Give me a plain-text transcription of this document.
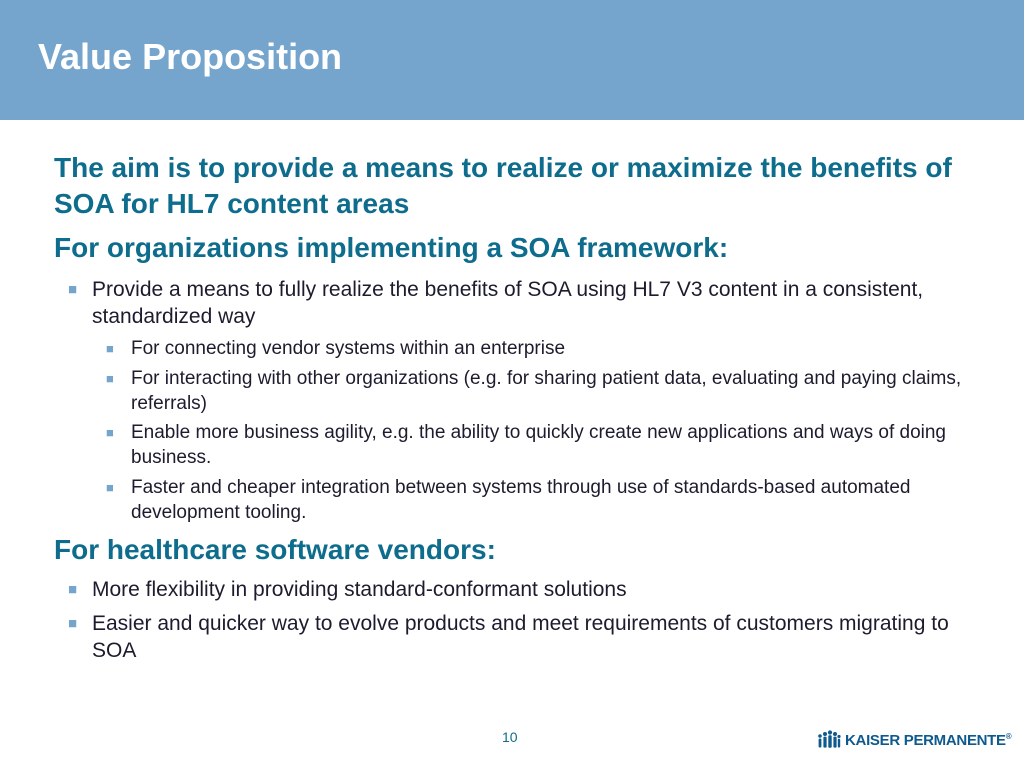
Value Proposition
The aim is to provide a means to realize or maximize the benefits of SOA for HL7 content areas
For organizations implementing a SOA framework:
■ Provide a means to fully realize the benefits of SOA using HL7 V3 content in a consistent, standardized way
■ For connecting vendor systems within an enterprise
■ For interacting with other organizations (e.g. for sharing patient data, evaluating and paying claims, referrals)
■ Enable more business agility, e.g. the ability to quickly create new applications and ways of doing business.
■ Faster and cheaper integration between systems through use of standards-based automated development tooling.
For healthcare software vendors:
■ More flexibility in providing standard-conformant solutions
■ Easier and quicker way to evolve products and meet requirements of customers migrating to SOA
10	KAISER PERMANENTE®
